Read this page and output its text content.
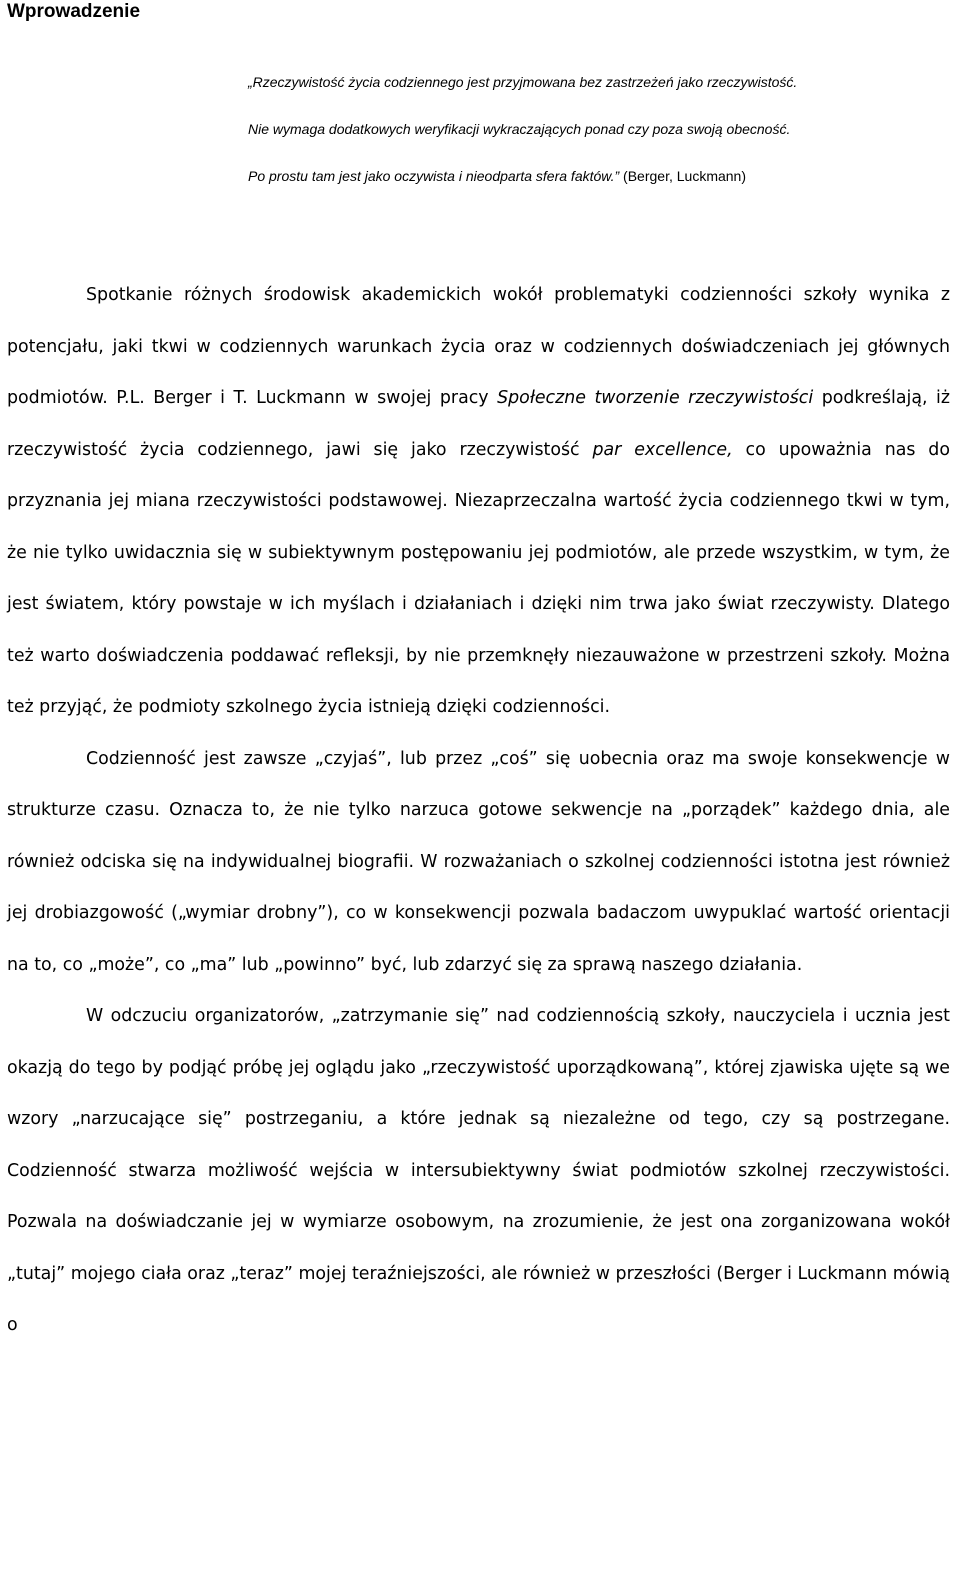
Wprowadzenie
„Rzeczywistość życia codziennego jest przyjmowana bez zastrzeżeń jako rzeczywistość.
Nie wymaga dodatkowych weryfikacji wykraczających ponad czy poza swoją obecność.
Po prostu tam jest jako oczywista i nieodparta sfera faktów.” (Berger, Luckmann)

Spotkanie różnych środowisk akademickich wokół problematyki codzienności szkoły wynika z potencjału, jaki tkwi w codziennych warunkach życia oraz w codziennych doświadczeniach jej głównych podmiotów. P.L. Berger i T. Luckmann w swojej pracy Społeczne tworzenie rzeczywistości podkreślają, iż rzeczywistość życia codziennego, jawi się jako rzeczywistość par excellence, co upoważnia nas do przyznania jej miana rzeczywistości podstawowej. Niezaprzeczalna wartość życia codziennego tkwi w tym, że nie tylko uwidacznia się w subiektywnym postępowaniu jej podmiotów, ale przede wszystkim, w tym, że jest światem, który powstaje w ich myślach i działaniach i dzięki nim trwa jako świat rzeczywisty. Dlatego też warto doświadczenia poddawać refleksji, by nie przemknęły niezauważone w przestrzeni szkoły. Można też przyjąć, że podmioty szkolnego życia istnieją dzięki codzienności.

Codzienność jest zawsze „czyjaś”, lub przez „coś” się uobecnia oraz ma swoje konsekwencje w strukturze czasu. Oznacza to, że nie tylko narzuca gotowe sekwencje na „porządek” każdego dnia, ale również odciska się na indywidualnej biografii. W rozważaniach o szkolnej codzienności istotna jest również jej drobiazgowość („wymiar drobny”), co w konsekwencji pozwala badaczom uwypuklać wartość orientacji na to, co „może”, co „ma” lub „powinno” być, lub zdarzyć się za sprawą naszego działania.

W odczuciu organizatorów, „zatrzymanie się” nad codziennością szkoły, nauczyciela i ucznia jest okazją do tego by podjąć próbę jej oglądu jako „rzeczywistość uporządkowaną”, której zjawiska ujęte są we wzory „narzucające się” postrzeganiu, a które jednak są niezależne od tego, czy są postrzegane. Codzienność stwarza możliwość wejścia w intersubiektywny świat podmiotów szkolnej rzeczywistości. Pozwala na doświadczanie jej w wymiarze osobowym, na zrozumienie, że jest ona zorganizowana wokół „tutaj” mojego ciała oraz „teraz” mojej teraźniejszości, ale również w przeszłości (Berger i Luckmann mówią o
